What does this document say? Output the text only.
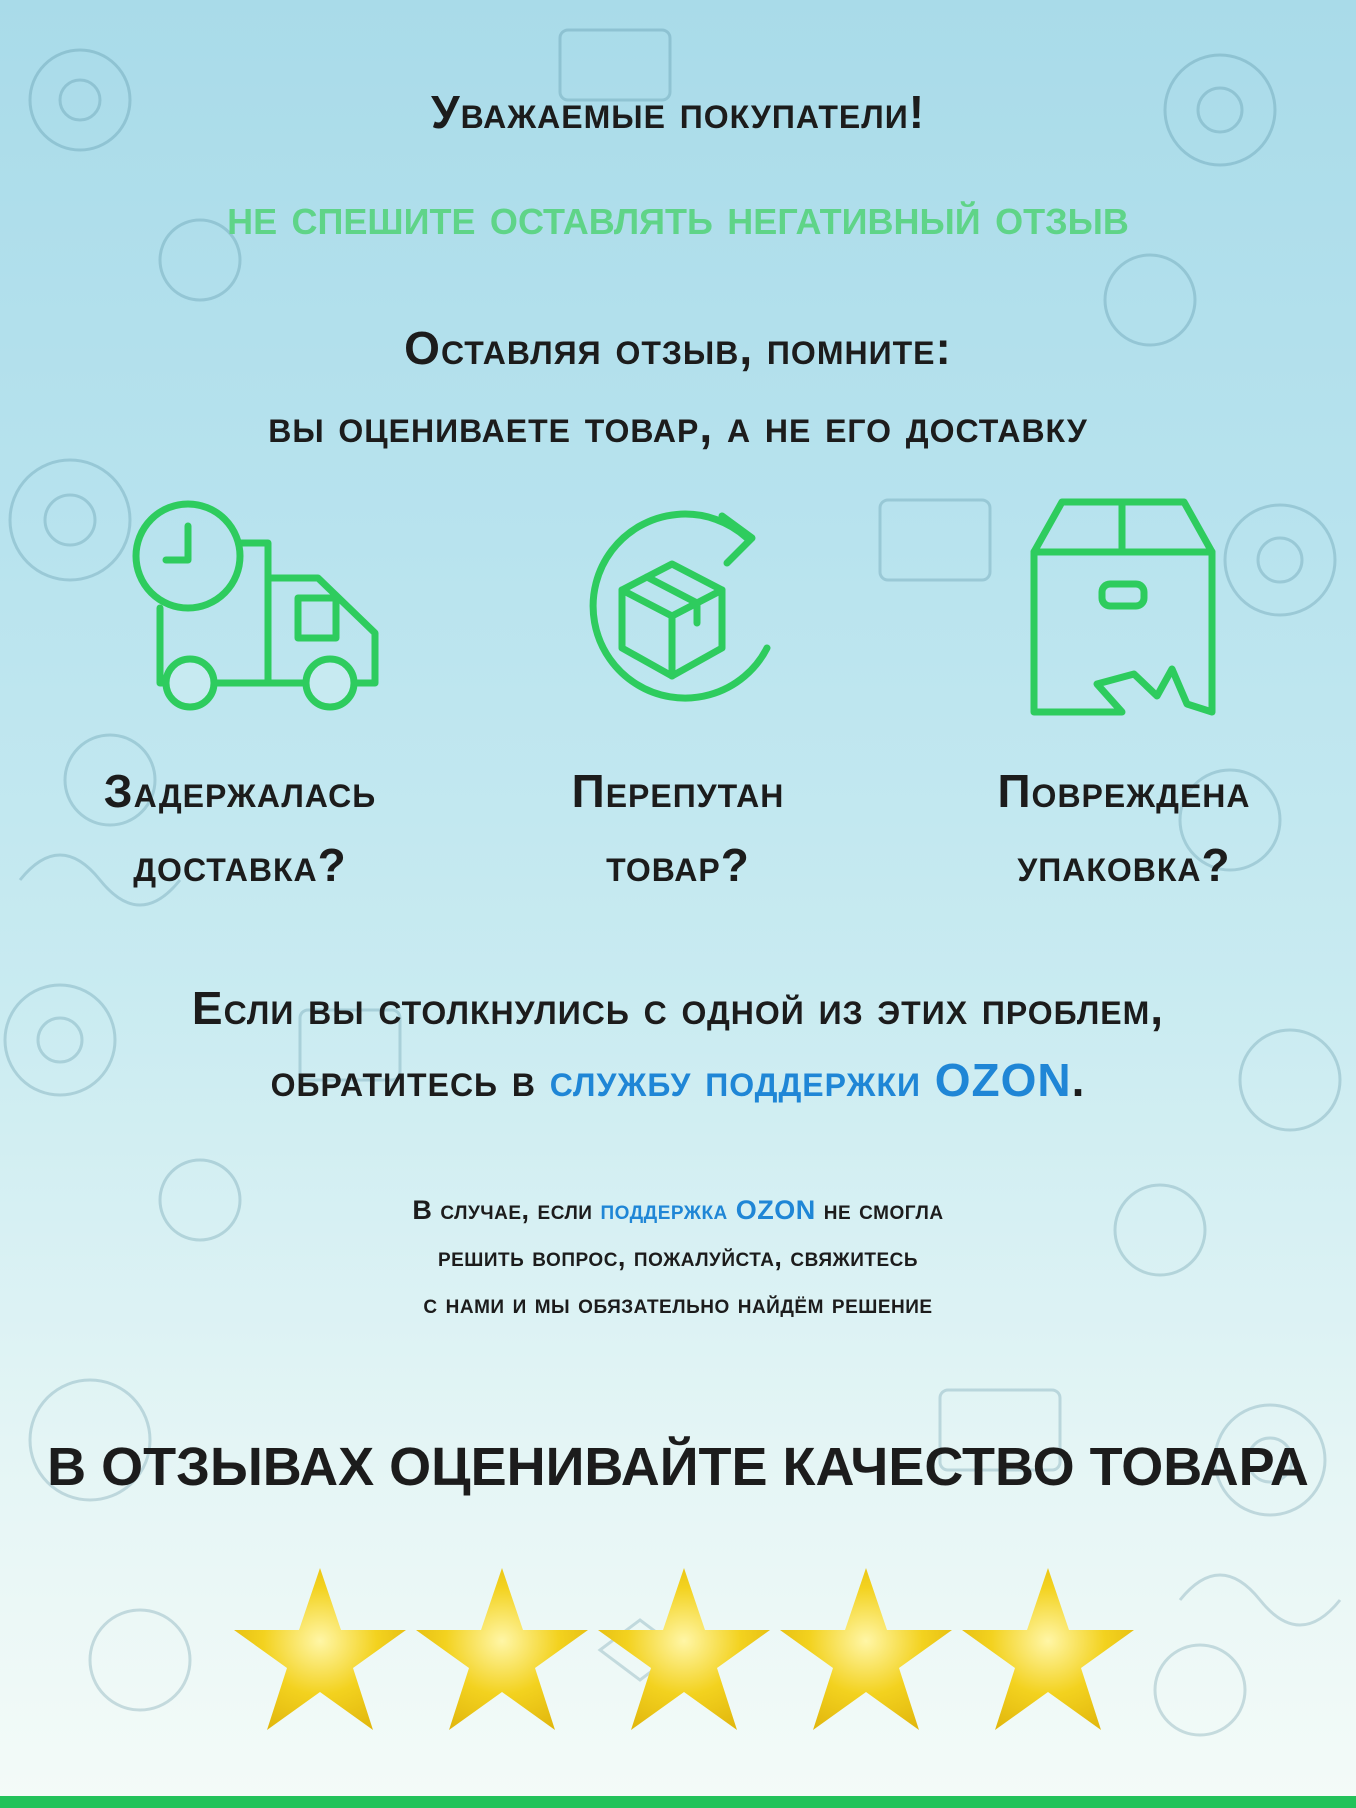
Уважаемые покупатели!
не спешите оставлять негативный отзыв
Оставляя отзыв, помните:
вы оцениваете товар, а не его доставку
Задержалась
доставка?
Перепутан
товар?
Повреждена
упаковка?
Если вы столкнулись с одной из этих проблем,
обратитесь в службу поддержки OZON.
В случае, если поддержка OZON не смогла
решить вопрос, пожалуйста, свяжитесь
с нами и мы обязательно найдём решение
В ОТЗЫВАХ ОЦЕНИВАЙТЕ КАЧЕСТВО ТОВАРА
